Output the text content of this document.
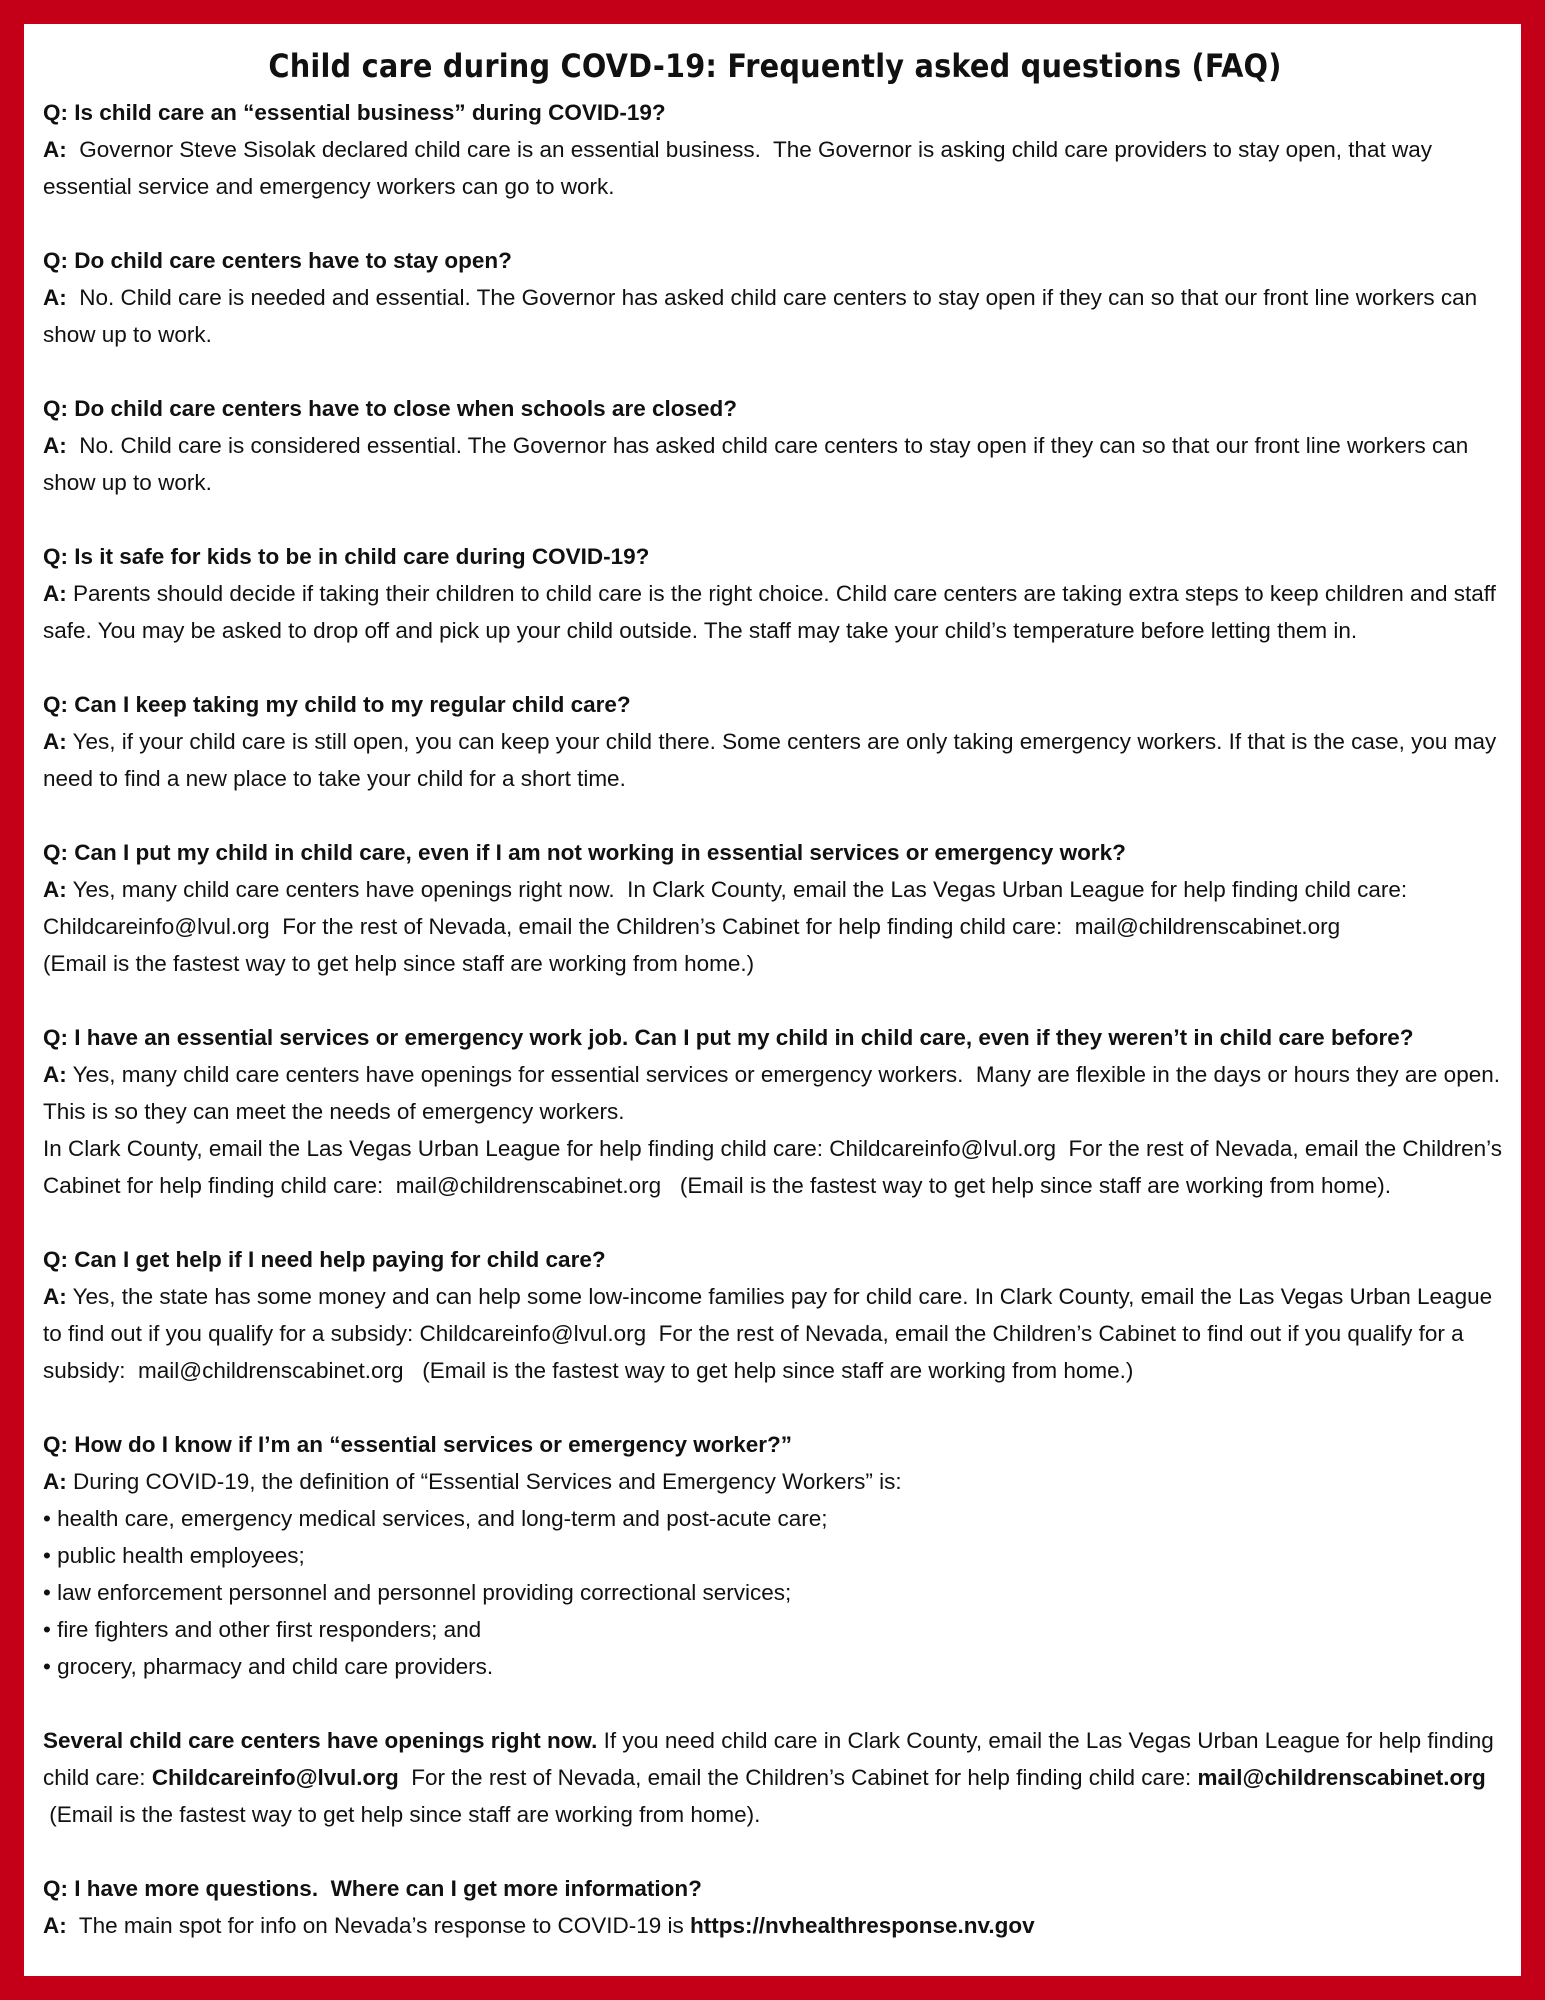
Child care during COVD-19: Frequently asked questions (FAQ)
Q: Is child care an “essential business” during COVID-19?
A:  Governor Steve Sisolak declared child care is an essential business.  The Governor is asking child care providers to stay open, that way essential service and emergency workers can go to work.
Q: Do child care centers have to stay open?
A:  No. Child care is needed and essential. The Governor has asked child care centers to stay open if they can so that our front line workers can show up to work.
Q: Do child care centers have to close when schools are closed?
A:  No. Child care is considered essential. The Governor has asked child care centers to stay open if they can so that our front line workers can show up to work.
Q: Is it safe for kids to be in child care during COVID-19?
A: Parents should decide if taking their children to child care is the right choice. Child care centers are taking extra steps to keep children and staff safe. You may be asked to drop off and pick up your child outside. The staff may take your child’s temperature before letting them in.
Q: Can I keep taking my child to my regular child care?
A: Yes, if your child care is still open, you can keep your child there. Some centers are only taking emergency workers. If that is the case, you may need to find a new place to take your child for a short time.
Q: Can I put my child in child care, even if I am not working in essential services or emergency work?
A: Yes, many child care centers have openings right now.  In Clark County, email the Las Vegas Urban League for help finding child care: Childcareinfo@lvul.org  For the rest of Nevada, email the Children’s Cabinet for help finding child care:  mail@childrenscabinet.org
(Email is the fastest way to get help since staff are working from home.)
Q: I have an essential services or emergency work job. Can I put my child in child care, even if they weren’t in child care before?
A: Yes, many child care centers have openings for essential services or emergency workers.  Many are flexible in the days or hours they are open. This is so they can meet the needs of emergency workers.
In Clark County, email the Las Vegas Urban League for help finding child care: Childcareinfo@lvul.org  For the rest of Nevada, email the Children’s Cabinet for help finding child care:  mail@childrenscabinet.org   (Email is the fastest way to get help since staff are working from home).
Q: Can I get help if I need help paying for child care?
A: Yes, the state has some money and can help some low-income families pay for child care. In Clark County, email the Las Vegas Urban League to find out if you qualify for a subsidy: Childcareinfo@lvul.org  For the rest of Nevada, email the Children’s Cabinet to find out if you qualify for a subsidy:  mail@childrenscabinet.org   (Email is the fastest way to get help since staff are working from home.)
Q: How do I know if I’m an “essential services or emergency worker?”
A: During COVID-19, the definition of “Essential Services and Emergency Workers” is:
• health care, emergency medical services, and long-term and post-acute care;
• public health employees;
• law enforcement personnel and personnel providing correctional services;
• fire fighters and other first responders; and
• grocery, pharmacy and child care providers.
Several child care centers have openings right now. If you need child care in Clark County, email the Las Vegas Urban League for help finding child care: Childcareinfo@lvul.org  For the rest of Nevada, email the Children’s Cabinet for help finding child care: mail@childrenscabinet.org
(Email is the fastest way to get help since staff are working from home).
Q: I have more questions.  Where can I get more information?
A:  The main spot for info on Nevada’s response to COVID-19 is https://nvhealthresponse.nv.gov
